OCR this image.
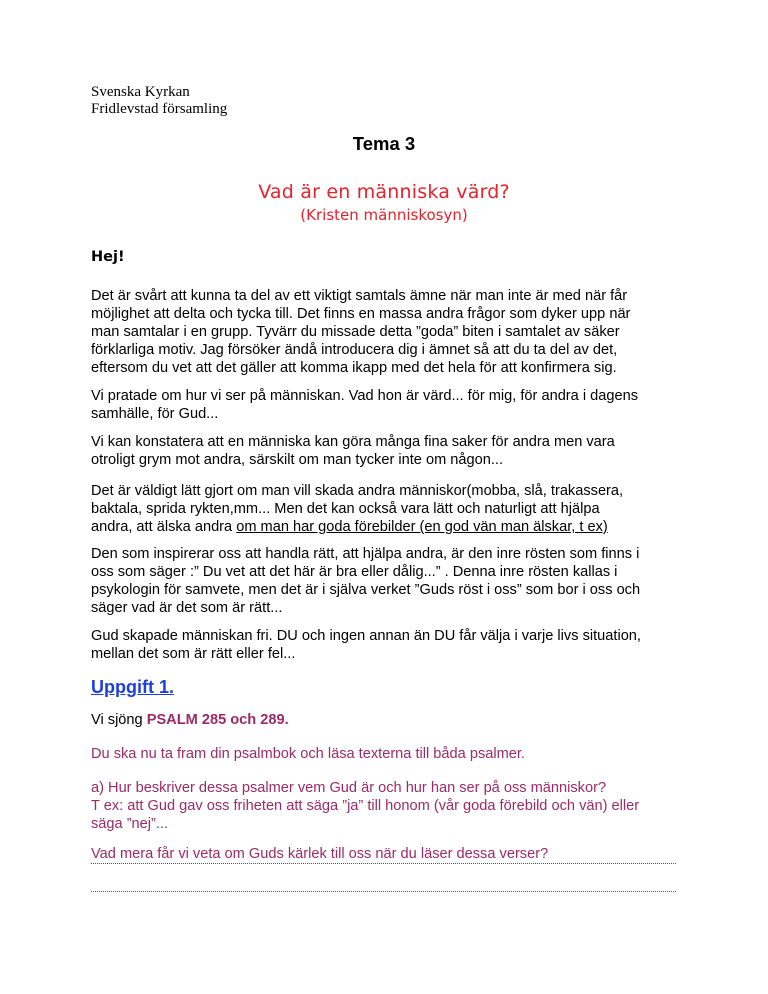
Svenska Kyrkan
Fridlevstad församling
Tema 3
Vad är en människa värd?
(Kristen människosyn)
Hej!
Det är svårt att kunna ta del av ett viktigt samtals ämne när man inte är med när får
möjlighet att delta och tycka till. Det finns en massa andra frågor som dyker upp när
man samtalar i en grupp. Tyvärr du missade detta ”goda” biten i samtalet av säker
förklarliga motiv. Jag försöker ändå introducera dig i ämnet så att du ta del av det,
eftersom du vet att det gäller att komma ikapp med det hela för att konfirmera sig.
Vi pratade om hur vi ser på människan. Vad hon är värd... för mig, för andra i dagens
samhälle, för Gud...
Vi kan konstatera att en människa kan göra många fina saker för andra men vara
otroligt grym mot andra, särskilt om man tycker inte om någon...
Det är väldigt lätt gjort om man vill skada andra människor(mobba, slå, trakassera,
baktala, sprida rykten,mm... Men det kan också vara lätt och naturligt att hjälpa
andra, att älska andra om man har goda förebilder (en god vän man älskar, t ex)
Den som inspirerar oss att handla rätt, att hjälpa andra, är den inre rösten som finns i
oss som säger :” Du vet att det här är bra eller dålig...” . Denna inre rösten kallas i
psykologin för samvete, men det är i själva verket ”Guds röst i oss” som bor i oss och
säger vad är det som är rätt...
Gud skapade människan fri. DU och ingen annan än DU får välja i varje livs situation,
mellan det som är rätt eller fel...
Uppgift 1.
Vi sjöng PSALM 285 och 289.
Du ska nu ta fram din psalmbok och läsa texterna till båda psalmer.
a) Hur beskriver dessa psalmer vem Gud är och hur han ser på oss människor?
T ex: att Gud gav oss friheten att säga ”ja” till honom (vår goda förebild och vän) eller
säga ”nej”...
Vad mera får vi veta om Guds kärlek till oss när du läser dessa verser?
